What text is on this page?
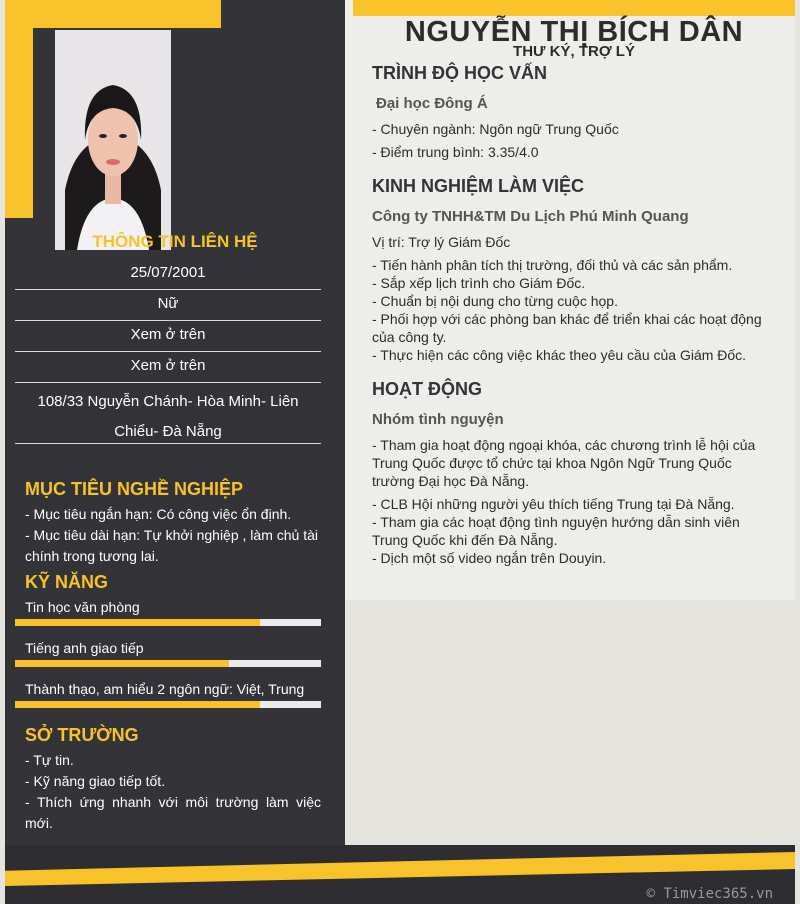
THÔNG TIN LIÊN HỆ
25/07/2001
Nữ
Xem ở trên
Xem ở trên
108/33 Nguyễn Chánh- Hòa Minh- Liên
Chiểu- Đà Nẵng
MỤC TIÊU NGHỀ NGHIỆP
- Mục tiêu ngắn hạn: Có công việc ổn định.
- Mục tiêu dài hạn: Tự khởi nghiệp , làm chủ tài chính trong tương lai.
KỸ NĂNG
Tin học văn phòng
Tiếng anh giao tiếp
Thành thạo, am hiểu 2 ngôn ngữ: Việt, Trung
SỞ TRƯỜNG
- Tự tin.
- Kỹ năng giao tiếp tốt.
- Thích ứng nhanh với môi trường làm việc mới.
NGUYỄN THỊ BÍCH DÂN
THƯ KÝ, TRỢ LÝ
TRÌNH ĐỘ HỌC VẤN
Đại học Đông Á
- Chuyên ngành: Ngôn ngữ Trung Quốc
- Điểm trung bình: 3.35/4.0
KINH NGHIỆM LÀM VIỆC
Công ty TNHH&TM Du Lịch Phú Minh Quang
Vị trí: Trợ lý Giám Đốc
- Tiến hành phân tích thị trường, đối thủ và các sản phẩm.
- Sắp xếp lịch trình cho Giám Đốc.
- Chuẩn bị nội dung cho từng cuộc họp.
- Phối hợp với các phòng ban khác để triển khai các hoạt động của công ty.
- Thực hiện các công việc khác theo yêu cầu của Giám Đốc.
HOẠT ĐỘNG
Nhóm tình nguyện
- Tham gia hoạt động ngoại khóa, các chương trình lễ hội của Trung Quốc được tổ chức tại khoa Ngôn Ngữ Trung Quốc trường Đại học Đà Nẵng.
- CLB Hội những người yêu thích tiếng Trung tại Đà Nẵng.
- Tham gia các hoạt động tình nguyện hướng dẫn sinh viên Trung Quốc khi đến Đà Nẵng.
- Dịch một số video ngắn trên Douyin.
© Timviec365.vn
